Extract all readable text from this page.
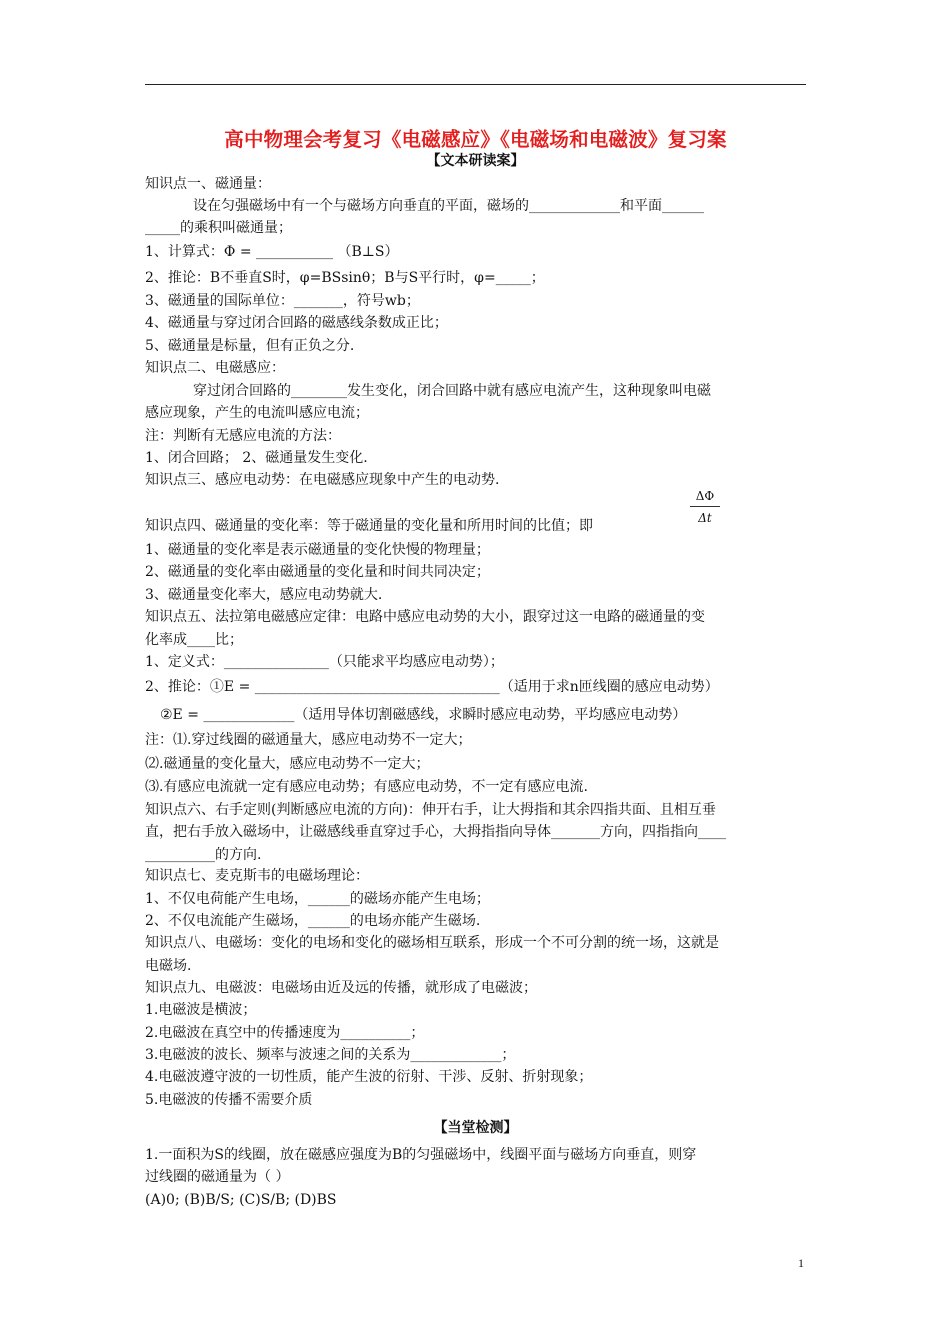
高中物理会考复习《电磁感应》《电磁场和电磁波》复习案
【文本研读案】
知识点一、磁通量：
设在匀强磁场中有一个与磁场方向垂直的平面，磁场的_____________和平面______
_____的乘积叫磁通量；
1、计算式：Φ = ___________ （B⊥S）
2、推论：B不垂直S时，φ=BSsinθ；B与S平行时，φ=_____；
3、磁通量的国际单位：_______，符号wb；
4、磁通量与穿过闭合回路的磁感线条数成正比；
5、磁通量是标量，但有正负之分.
知识点二、电磁感应：
穿过闭合回路的________发生变化，闭合回路中就有感应电流产生，这种现象叫电磁
感应现象，产生的电流叫感应电流；
注：判断有无感应电流的方法：
1、闭合回路； 2、磁通量发生变化.
知识点三、感应电动势：在电磁感应现象中产生的电动势.
知识点四、磁通量的变化率：等于磁通量的变化量和所用时间的比值；即
1、磁通量的变化率是表示磁通量的变化快慢的物理量；
2、磁通量的变化率由磁通量的变化量和时间共同决定；
3、磁通量变化率大，感应电动势就大.
知识点五、法拉第电磁感应定律：电路中感应电动势的大小，跟穿过这一电路的磁通量的变
化率成____比；
1、定义式：_______________（只能求平均感应电动势）；
2、推论：①E = ___________________________________（适用于求n匝线圈的感应电动势）
②E = _____________（适用导体切割磁感线，求瞬时感应电动势，平均感应电动势）
注：⑴.穿过线圈的磁通量大，感应电动势不一定大；
⑵.磁通量的变化量大，感应电动势不一定大；
⑶.有感应电流就一定有感应电动势；有感应电动势，不一定有感应电流.
知识点六、右手定则(判断感应电流的方向)：伸开右手，让大拇指和其余四指共面、且相互垂
直，把右手放入磁场中，让磁感线垂直穿过手心，大拇指指向导体_______方向，四指指向____
__________的方向.
知识点七、麦克斯韦的电磁场理论：
1、不仅电荷能产生电场，______的磁场亦能产生电场；
2、不仅电流能产生磁场，______的电场亦能产生磁场.
知识点八、电磁场：变化的电场和变化的磁场相互联系，形成一个不可分割的统一场，这就是
电磁场.
知识点九、电磁波：电磁场由近及远的传播，就形成了电磁波；
1.电磁波是横波；
2.电磁波在真空中的传播速度为__________；
3.电磁波的波长、频率与波速之间的关系为_____________；
4.电磁波遵守波的一切性质，能产生波的衍射、干涉、反射、折射现象；
5.电磁波的传播不需要介质
1.一面积为S的线圈，放在磁感应强度为B的匀强磁场中，线圈平面与磁场方向垂直，则穿
过线圈的磁通量为（ ）
(A)0; (B)B/S; (C)S/B; (D)BS
ΔΦ
Δt
【当堂检测】
1
